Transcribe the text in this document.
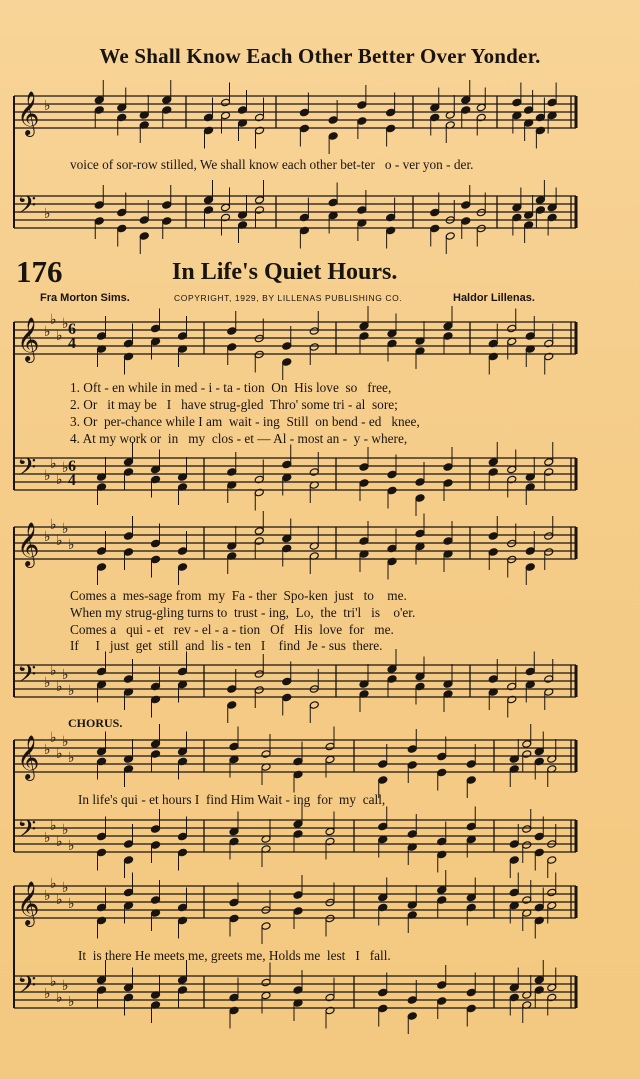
𝄞 ♭
𝄢 ♭
𝄞 ♭
♭
♭
♭
𝄢 ♭
♭
♭
♭
𝄞 ♭
♭
♭
♭
♭
𝄢 ♭
♭
♭
♭
♭
𝄞 ♭
♭
♭
♭
♭
𝄢 ♭
♭
♭
♭
♭
𝄞 ♭
♭
♭
♭
♭
𝄢 ♭
♭
♭
♭
♭
We Shall Know Each Other Better Over Yonder.
voice of sor-row stilled, We shall know each other bet-ter   o - ver yon - der.
176	In Life's Quiet Hours.
Fra Morton Sims.	COPYRIGHT, 1929, BY LILLENAS PUBLISHING CO.	Haldor Lillenas.
1. Oft - en while in med - i - ta - tion  On  His love  so   free,
2. Or   it may be   I   have strug-gled  Thro' some tri - al  sore;
3. Or  per-chance while I am  wait - ing  Still  on bend - ed   knee,
4. At my work or  in   my  clos - et — Al - most an -  y - where,
Comes a  mes-sage from  my  Fa - ther  Spo-ken  just   to    me.
When my strug-gling turns to  trust - ing,  Lo,  the  tri'l   is    o'er.
Comes a   qui - et   rev - el - a - tion   Of   His  love  for   me.
If     I   just  get  still  and  lis - ten   I    find  Je - sus  there.
CHORUS.
In life's qui - et hours I  find Him Wait - ing  for  my  call,
It  is there He meets me, greets me, Holds me  lest   I   fall.
6
4
6
4
